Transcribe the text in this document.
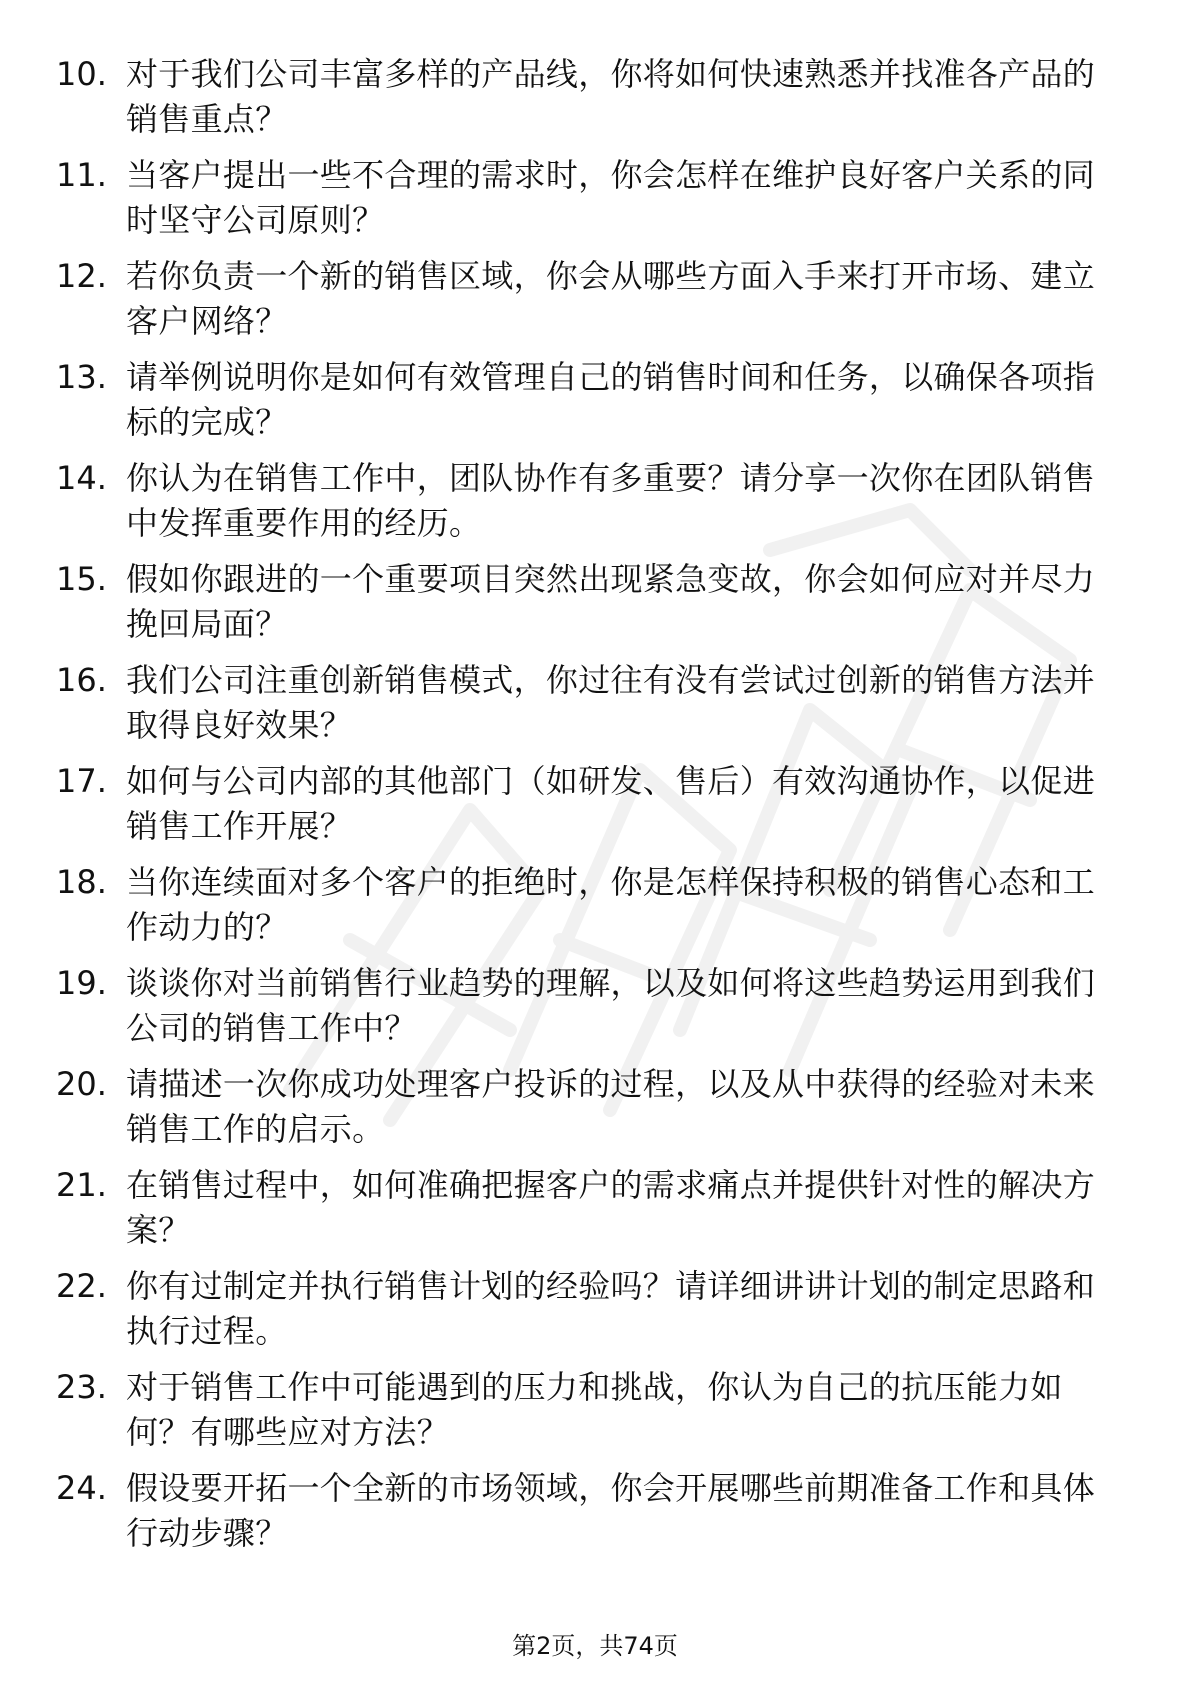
10. 对于我们公司丰富多样的产品线，你将如何快速熟悉并找准各产品的销售重点？
11. 当客户提出一些不合理的需求时，你会怎样在维护良好客户关系的同时坚守公司原则？
12. 若你负责一个新的销售区域，你会从哪些方面入手来打开市场、建立客户网络？
13. 请举例说明你是如何有效管理自己的销售时间和任务，以确保各项指标的完成？
14. 你认为在销售工作中，团队协作有多重要？请分享一次你在团队销售中发挥重要作用的经历。
15. 假如你跟进的一个重要项目突然出现紧急变故，你会如何应对并尽力挽回局面？
16. 我们公司注重创新销售模式，你过往有没有尝试过创新的销售方法并取得良好效果？
17. 如何与公司内部的其他部门（如研发、售后）有效沟通协作，以促进销售工作开展？
18. 当你连续面对多个客户的拒绝时，你是怎样保持积极的销售心态和工作动力的？
19. 谈谈你对当前销售行业趋势的理解，以及如何将这些趋势运用到我们公司的销售工作中？
20. 请描述一次你成功处理客户投诉的过程，以及从中获得的经验对未来销售工作的启示。
21. 在销售过程中，如何准确把握客户的需求痛点并提供针对性的解决方案？
22. 你有过制定并执行销售计划的经验吗？请详细讲讲计划的制定思路和执行过程。
23. 对于销售工作中可能遇到的压力和挑战，你认为自己的抗压能力如何？有哪些应对方法？
24. 假设要开拓一个全新的市场领域，你会开展哪些前期准备工作和具体行动步骤？
第2页，共74页
